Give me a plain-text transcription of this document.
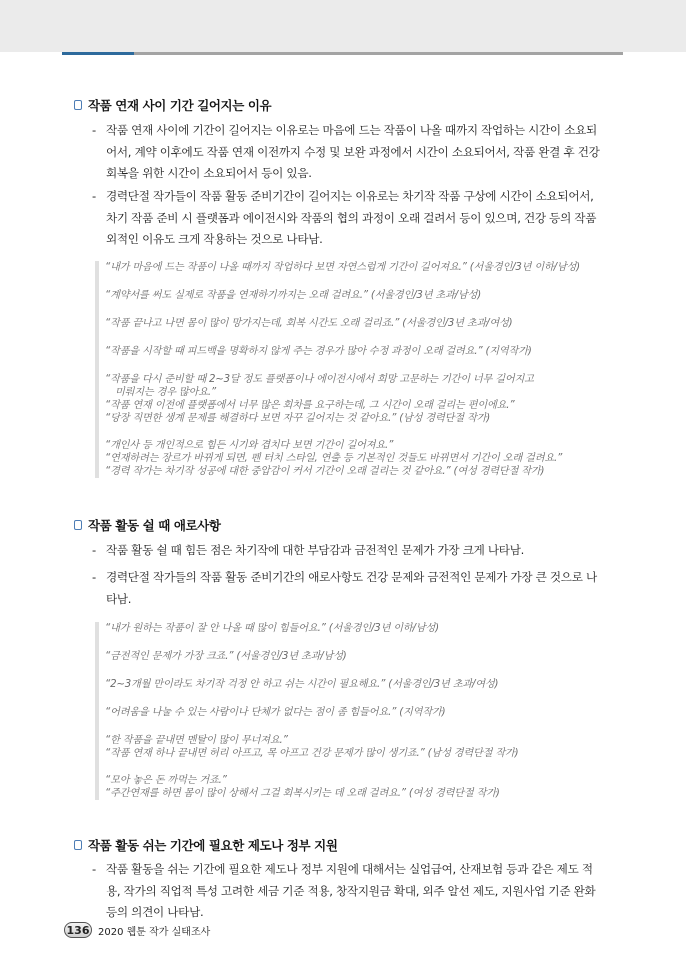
작품 연재 사이 기간 길어지는 이유
- 작품 연재 사이에 기간이 길어지는 이유로는 마음에 드는 작품이 나올 때까지 작업하는 시간이 소요되어서, 계약 이후에도 작품 연재 이전까지 수정 및 보완 과정에서 시간이 소요되어서, 작품 완결 후 건강 회복을 위한 시간이 소요되어서 등이 있음.
- 경력단절 작가들이 작품 활동 준비기간이 길어지는 이유로는 차기작 작품 구상에 시간이 소요되어서, 차기 작품 준비 시 플랫폼과 에이전시와 작품의 협의 과정이 오래 걸려서 등이 있으며, 건강 등의 작품 외적인 이유도 크게 작용하는 것으로 나타남.
“내가 마음에 드는 작품이 나올 때까지 작업하다 보면 자연스럽게 기간이 길어져요.” (서울경인/3년 이하/남성)
“계약서를 써도 실제로 작품을 연재하기까지는 오래 걸려요.” (서울경인/3년 초과/남성)
“작품 끝나고 나면 몸이 많이 망가지는데, 회복 시간도 오래 걸리죠.” (서울경인/3년 초과/여성)
“작품을 시작할 때 피드백을 명확하지 않게 주는 경우가 많아 수정 과정이 오래 걸려요.” (지역작가)
“작품을 다시 준비할 때 2~3달 정도 플랫폼이나 에이전시에서 희망 고문하는 기간이 너무 길어지고
미뤄지는 경우 많아요.”
“작품 연재 이전에 플랫폼에서 너무 많은 회차를 요구하는데, 그 시간이 오래 걸리는 편이에요.”
“당장 직면한 생계 문제를 해결하다 보면 자꾸 길어지는 것 같아요.” (남성 경력단절 작가)
“개인사 등 개인적으로 힘든 시기와 겹치다 보면 기간이 길어져요.”
“연재하려는 장르가 바뀌게 되면, 펜 터치 스타일, 연출 등 기본적인 것들도 바뀌면서 기간이 오래 걸려요.”
“경력 작가는 차기작 성공에 대한 중압감이 커서 기간이 오래 걸리는 것 같아요.” (여성 경력단절 작가)
작품 활동 쉴 때 애로사항
- 작품 활동 쉴 때 힘든 점은 차기작에 대한 부담감과 금전적인 문제가 가장 크게 나타남.
- 경력단절 작가들의 작품 활동 준비기간의 애로사항도 건강 문제와 금전적인 문제가 가장 큰 것으로 나타남.
“내가 원하는 작품이 잘 안 나올 때 많이 힘들어요.” (서울경인/3년 이하/남성)
“금전적인 문제가 가장 크죠.” (서울경인/3년 초과/남성)
“2~3개월 만이라도 차기작 걱정 안 하고 쉬는 시간이 필요해요.” (서울경인/3년 초과/여성)
“어려움을 나눌 수 있는 사람이나 단체가 없다는 점이 좀 힘들어요.” (지역작가)
“한 작품을 끝내면 멘탈이 많이 무너져요.”
“작품 연재 하나 끝내면 허리 아프고, 목 아프고 건강 문제가 많이 생기죠.” (남성 경력단절 작가)
“모아 놓은 돈 까먹는 거죠.”
“주간연재를 하면 몸이 많이 상해서 그걸 회복시키는 데 오래 걸려요.” (여성 경력단절 작가)
작품 활동 쉬는 기간에 필요한 제도나 정부 지원
- 작품 활동을 쉬는 기간에 필요한 제도나 정부 지원에 대해서는 실업급여, 산재보험 등과 같은 제도 적용, 작가의 직업적 특성 고려한 세금 기준 적용, 창작지원금 확대, 외주 알선 제도, 지원사업 기준 완화 등의 의견이 나타남.
136 2020 웹툰 작가 실태조사
